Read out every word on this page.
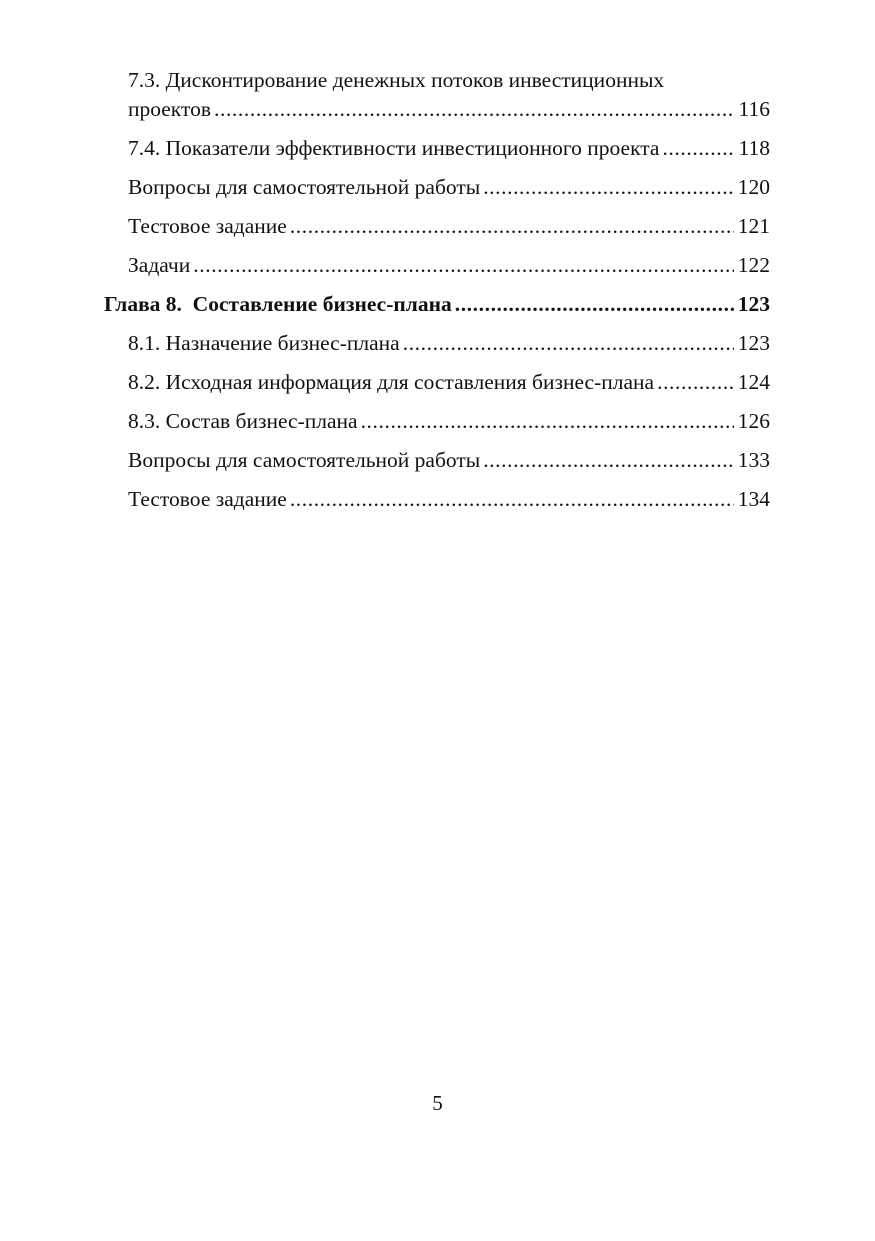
7.3. Дисконтирование денежных потоков инвестиционных
проектов .....	116
7.4. Показатели эффективности инвестиционного проекта .....	118
Вопросы для самостоятельной работы .....	120
Тестовое задание .....	121
Задачи .....	122
Глава 8.  Составление бизнес-плана .....	123
8.1. Назначение бизнес-плана .....	123
8.2. Исходная информация для составления бизнес-плана .....	124
8.3. Состав бизнес-плана .....	126
Вопросы для самостоятельной работы .....	133
Тестовое задание .....	134
5
